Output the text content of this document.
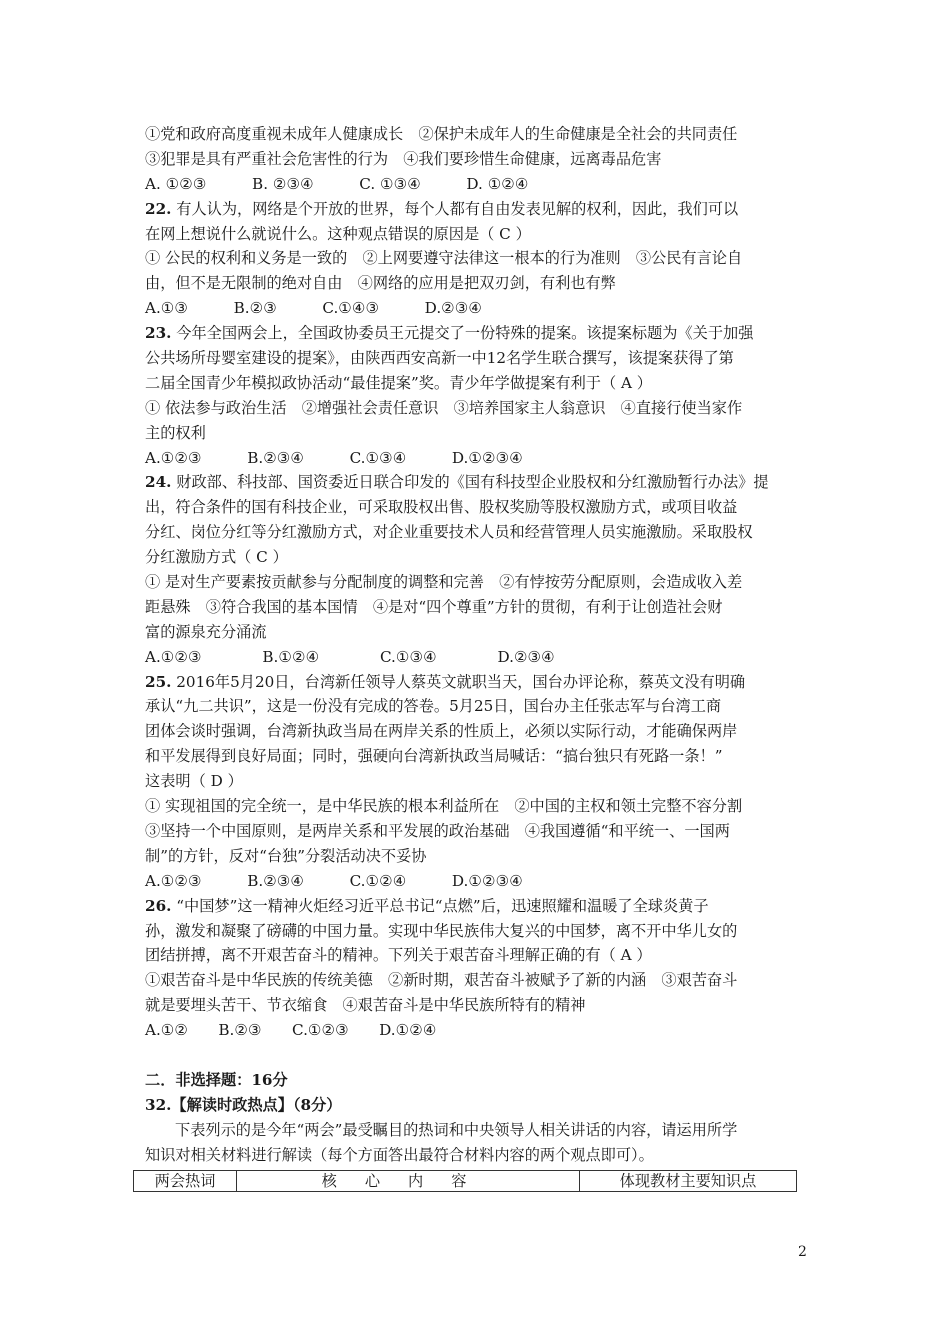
①党和政府高度重视未成年人健康成长　②保护未成年人的生命健康是全社会的共同责任
③犯罪是具有严重社会危害性的行为　④我们要珍惜生命健康，远离毒品危害
A. ①②③　　　B. ②③④　　　C. ①③④　　　D. ①②④
22. 有人认为，网络是个开放的世界，每个人都有自由发表见解的权利，因此，我们可以
在网上想说什么就说什么。这种观点错误的原因是（ C ）
① 公民的权利和义务是一致的　②上网要遵守法律这一根本的行为准则　③公民有言论自
由，但不是无限制的绝对自由　④网络的应用是把双刃剑，有利也有弊
A.①③　　　B.②③　　　C.①④③　　　D.②③④
23. 今年全国两会上，全国政协委员王元提交了一份特殊的提案。该提案标题为《关于加强
公共场所母婴室建设的提案》，由陕西西安高新一中12名学生联合撰写，该提案获得了第
二届全国青少年模拟政协活动“最佳提案”奖。青少年学做提案有利于（ A ）
① 依法参与政治生活　②增强社会责任意识　③培养国家主人翁意识　④直接行使当家作
主的权利
A.①②③　　　B.②③④　　　C.①③④　　　D.①②③④
24. 财政部、科技部、国资委近日联合印发的《国有科技型企业股权和分红激励暂行办法》提
出，符合条件的国有科技企业，可采取股权出售、股权奖励等股权激励方式，或项目收益
分红、岗位分红等分红激励方式，对企业重要技术人员和经营管理人员实施激励。采取股权
分红激励方式（ C ）
① 是对生产要素按贡献参与分配制度的调整和完善　②有悖按劳分配原则，会造成收入差
距悬殊　③符合我国的基本国情　④是对“四个尊重”方针的贯彻，有利于让创造社会财
富的源泉充分涌流
A.①②③　　　　B.①②④　　　　C.①③④　　　　D.②③④
25. 2016年5月20日，台湾新任领导人蔡英文就职当天，国台办评论称，蔡英文没有明确
承认“九二共识”，这是一份没有完成的答卷。5月25日，国台办主任张志军与台湾工商
团体会谈时强调，台湾新执政当局在两岸关系的性质上，必须以实际行动，才能确保两岸
和平发展得到良好局面；同时，强硬向台湾新执政当局喊话：“搞台独只有死路一条！”
这表明（ D ）
① 实现祖国的完全统一，是中华民族的根本利益所在　②中国的主权和领土完整不容分割
③坚持一个中国原则，是两岸关系和平发展的政治基础　④我国遵循“和平统一、一国两
制”的方针，反对“台独”分裂活动决不妥协
A.①②③　　　B.②③④　　　C.①②④　　　D.①②③④
26. “中国梦”这一精神火炬经习近平总书记“点燃”后，迅速照耀和温暖了全球炎黄子
孙，激发和凝聚了磅礴的中国力量。实现中华民族伟大复兴的中国梦，离不开中华儿女的
团结拼搏，离不开艰苦奋斗的精神。下列关于艰苦奋斗理解正确的有（ A ）
①艰苦奋斗是中华民族的传统美德　②新时期，艰苦奋斗被赋予了新的内涵　③艰苦奋斗
就是要埋头苦干、节衣缩食　④艰苦奋斗是中华民族所特有的精神
A.①②　　B.②③　　C.①②③　　D.①②④
二．非选择题：16分
32.【解读时政热点】（8分）
下表列示的是今年“两会”最受瞩目的热词和中央领导人相关讲话的内容，请运用所学
知识对相关材料进行解读（每个方面答出最符合材料内容的两个观点即可）。
两会热词	核心内容	体现教材主要知识点
2
